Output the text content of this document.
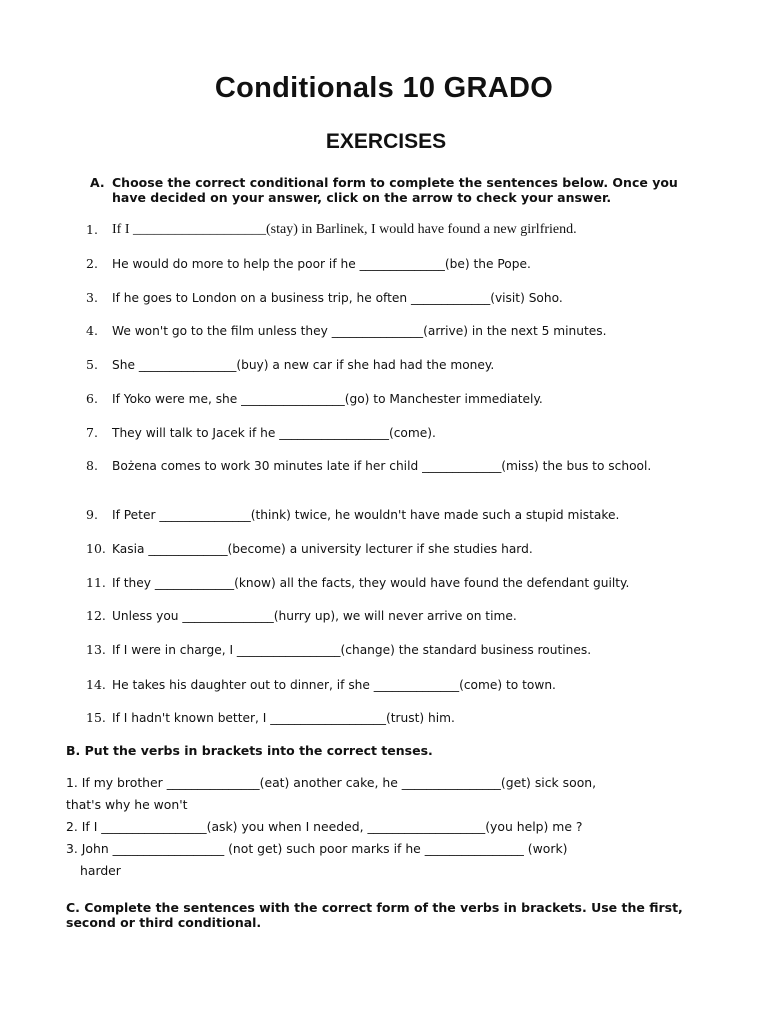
Conditionals 10 GRADO
EXERCISES
A. Choose the correct conditional form to complete the sentences below. Once you have decided on your answer, click on the arrow to check your answer.
1.	If I ___________________(stay) in Barlinek, I would have found a new girlfriend.
2.	He would do more to help the poor if he ______________(be) the Pope.
3.	If he goes to London on a business trip, he often _____________(visit) Soho.
4.	We won't go to the film unless they _______________(arrive) in the next 5 minutes.
5.	She ________________(buy) a new car if she had had the money.
6.	If Yoko were me, she _________________(go) to Manchester immediately.
7.	They will talk to Jacek if he __________________(come).
8.	Bożena comes to work 30 minutes late if her child _____________(miss) the bus to school.
9.	If Peter _______________(think) twice, he wouldn't have made such a stupid mistake.
10. Kasia _____________(become) a university lecturer if she studies hard.
11. If they _____________(know) all the facts, they would have found the defendant guilty.
12. Unless you _______________(hurry up), we will never arrive on time.
13. If I were in charge, I _________________(change) the standard business routines.
14. He takes his daughter out to dinner, if she ______________(come) to town.
15. If I hadn't known better, I ___________________(trust) him.
B. Put the verbs in brackets into the correct tenses.
1. If my brother _______________(eat) another cake, he ________________(get) sick soon,
that's why he won't
2. If I _________________(ask) you when I needed, ___________________(you help) me ?
3. John __________________ (not get) such poor marks if he ________________ (work)

harder
C. Complete the sentences with the correct form of the verbs in brackets. Use the first, second or third conditional.
